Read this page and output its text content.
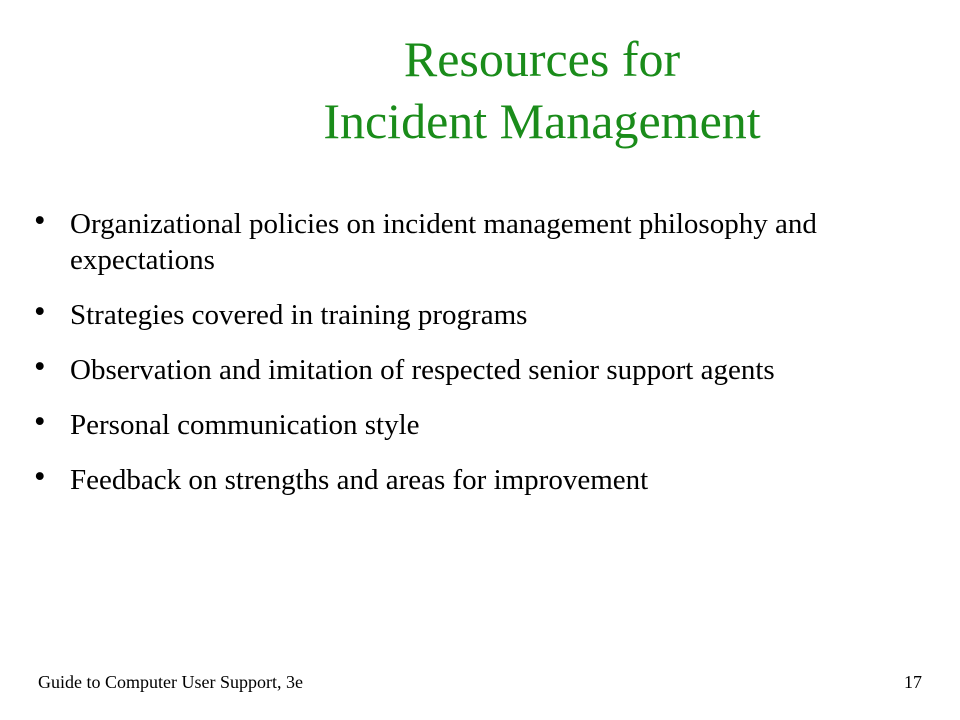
Resources for
Incident Management
• Organizational policies on incident management philosophy and expectations
• Strategies covered in training programs
• Observation and imitation of respected senior support agents
• Personal communication style
• Feedback on strengths and areas for improvement
Guide to Computer User Support, 3e	17
